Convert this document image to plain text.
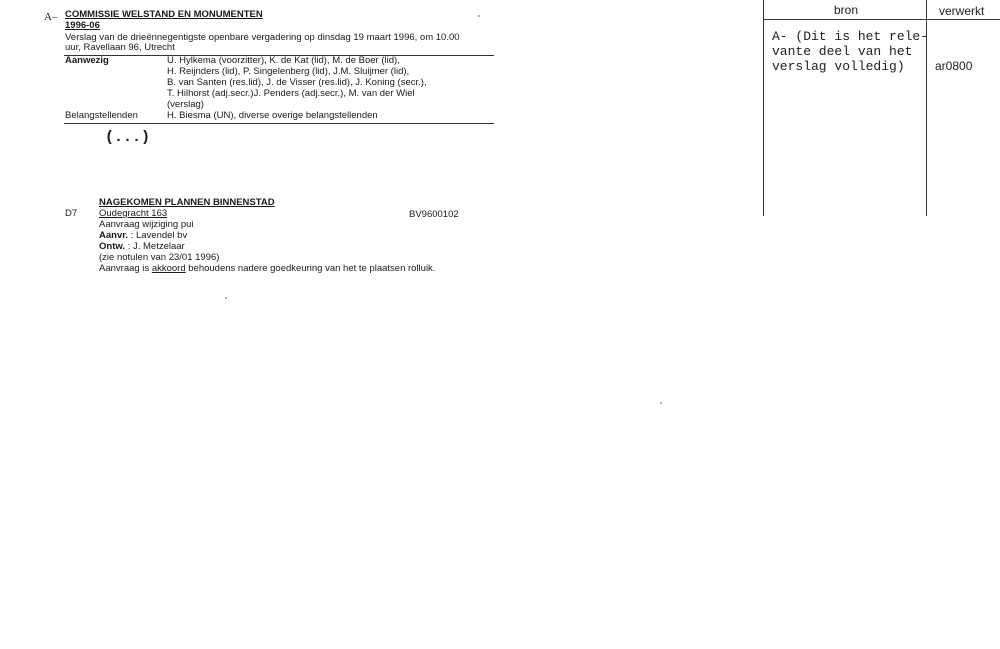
A– COMMISSIE WELSTAND EN MONUMENTEN
1996-06
Verslag van de drieënnegentigste openbare vergadering op dinsdag 19 maart 1996, om 10.00
uur, Ravellaan 96, Utrecht
Aanwezig	U. Hylkema (voorzitter), K. de Kat (lid), M. de Boer (lid),
H. Reijnders (lid), P. Singelenberg (lid), J.M. Sluijmer (lid),
B. van Santen (res.lid), J. de Visser (res.lid), J. Koning (secr.),
T. Hilhorst (adj.secr.)J. Penders (adj.secr.), M. van der Wiel
(verslag)
Belangstellenden	H. Biesma (UN), diverse overige belangstellenden
(...)
NAGEKOMEN PLANNEN BINNENSTAD
D7 Oudegracht 163	BV9600102
Aanvraag wijziging pui
Aanvr. : Lavendel bv
Ontw. : J. Metzelaar
(zie notulen van 23/01 1996)
Aanvraag is akkoord behoudens nadere goedkeuring van het te plaatsen rolluik.
bron	verwerkt
A- (Dit is het rele-
vante deel van het
verslag volledig)	ar0800
